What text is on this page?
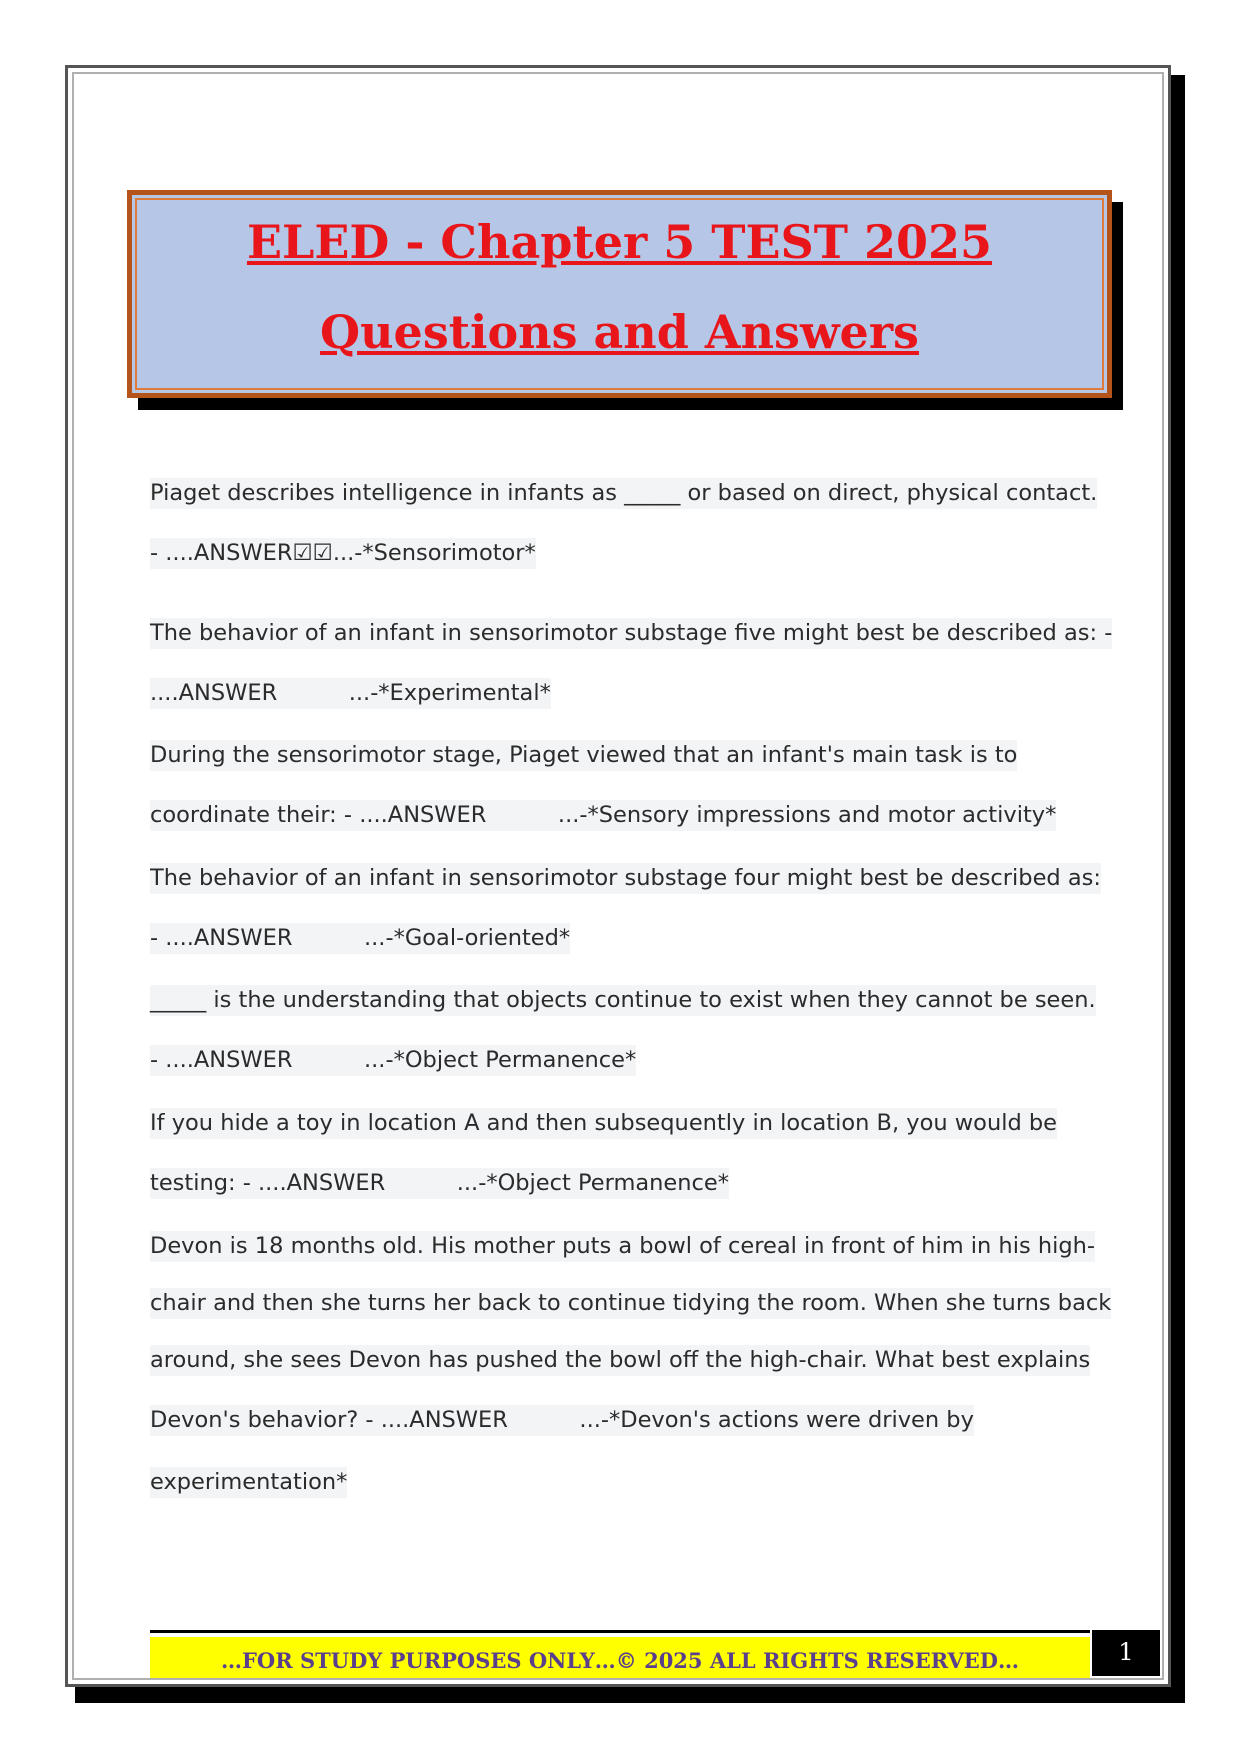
ELED - Chapter 5 TEST 2025

Questions and Answers

Piaget describes intelligence in infants as _____ or based on direct, physical contact.
- ....ANSWER☑☑...-*Sensorimotor*
The behavior of an infant in sensorimotor substage five might best be described as: -
....ANSWER          ...-*Experimental*
During the sensorimotor stage, Piaget viewed that an infant's main task is to
coordinate their: - ....ANSWER          ...-*Sensory impressions and motor activity*
The behavior of an infant in sensorimotor substage four might best be described as:
- ....ANSWER          ...-*Goal-oriented*
_____ is the understanding that objects continue to exist when they cannot be seen.
- ....ANSWER          ...-*Object Permanence*
If you hide a toy in location A and then subsequently in location B, you would be
testing: - ....ANSWER          ...-*Object Permanence*
Devon is 18 months old. His mother puts a bowl of cereal in front of him in his high-
chair and then she turns her back to continue tidying the room. When she turns back
around, she sees Devon has pushed the bowl off the high-chair. What best explains
Devon's behavior? - ....ANSWER          ...-*Devon's actions were driven by
experimentation*
…FOR STUDY PURPOSES ONLY…© 2025 ALL RIGHTS RESERVED…	1
